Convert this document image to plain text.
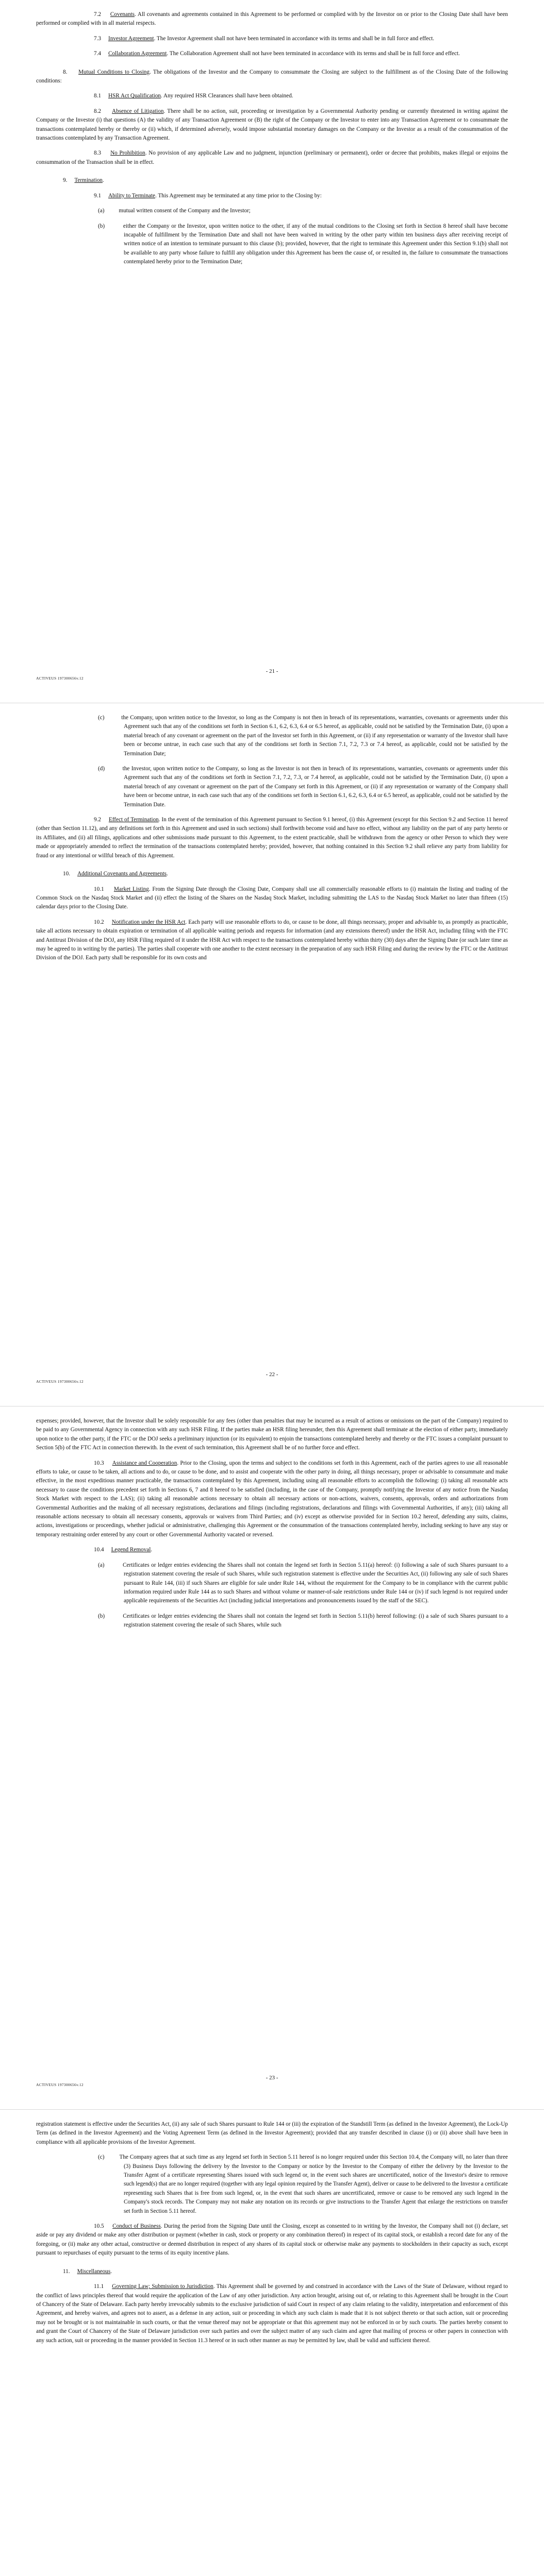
7.2 Covenants. All covenants and agreements contained in this Agreement to be performed or complied with by the Investor on or prior to the Closing Date shall have been performed or complied with in all material respects.

7.3 Investor Agreement. The Investor Agreement shall not have been terminated in accordance with its terms and shall be in full force and effect.

7.4 Collaboration Agreement. The Collaboration Agreement shall not have been terminated in accordance with its terms and shall be in full force and effect.

8. Mutual Conditions to Closing. The obligations of the Investor and the Company to consummate the Closing are subject to the fulfillment as of the Closing Date of the following conditions:

8.1 HSR Act Qualification. Any required HSR Clearances shall have been obtained.

8.2 Absence of Litigation. There shall be no action, suit, proceeding or investigation by a Governmental Authority pending or currently threatened in writing against the Company or the Investor (i) that questions (A) the validity of any Transaction Agreement or (B) the right of the Company or the Investor to enter into any Transaction Agreement or to consummate the transactions contemplated hereby or thereby or (ii) which, if determined adversely, would impose substantial monetary damages on the Company or the Investor as a result of the consummation of the transactions contemplated by any Transaction Agreement.

8.3 No Prohibition. No provision of any applicable Law and no judgment, injunction (preliminary or permanent), order or decree that prohibits, makes illegal or enjoins the consummation of the Transaction shall be in effect.

9. Termination.

9.1 Ability to Terminate. This Agreement may be terminated at any time prior to the Closing by:

(a) mutual written consent of the Company and the Investor;

(b)	either the Company or the Investor, upon written notice to the other, if any of the mutual conditions to the Closing set forth in Section 8 hereof shall have become incapable of fulfillment by the Termination Date and shall not have been waived in writing by the other party within ten business days after receiving receipt of written notice of an intention to terminate pursuant to this clause (b); provided, however, that the right to terminate this Agreement under this Section 9.1(b) shall not be available to any party whose failure to fulfill any obligation under this Agreement has been the cause of, or resulted in, the failure to consummate the transactions contemplated hereby prior to the Termination Date;

- 21 -
ACTIVEUS 197300656v.12

(c)	the Company, upon written notice to the Investor, so long as the Company is not then in breach of its representations, warranties, covenants or agreements under this Agreement such that any of the conditions set forth in Section 6.1, 6.2, 6.3, 6.4 or 6.5 hereof, as applicable, could not be satisfied by the Termination Date, (i) upon a material breach of any covenant or agreement on the part of the Investor set forth in this Agreement, or (ii) if any representation or warranty of the Investor shall have been or become untrue, in each case such that any of the conditions set forth in Section 7.1, 7.2, 7.3 or 7.4 hereof, as applicable, could not be satisfied by the Termination Date;

(d)	the Investor, upon written notice to the Company, so long as the Investor is not then in breach of its representations, warranties, covenants or agreements under this Agreement such that any of the conditions set forth in Section 7.1, 7.2, 7.3, or 7.4 hereof, as applicable, could not be satisfied by the Termination Date, (i) upon a material breach of any covenant or agreement on the part of the Company set forth in this Agreement, or (ii) if any representation or warranty of the Company shall have been or become untrue, in each case such that any of the conditions set forth in Section 6.1, 6.2, 6.3, 6.4 or 6.5 hereof, as applicable, could not be satisfied by the Termination Date.

9.2 Effect of Termination. In the event of the termination of this Agreement pursuant to Section 9.1 hereof, (i) this Agreement (except for this Section 9.2 and Section 11 hereof (other than Section 11.12), and any definitions set forth in this Agreement and used in such sections) shall forthwith become void and have no effect, without any liability on the part of any party hereto or its Affiliates, and (ii) all filings, applications and other submissions made pursuant to this Agreement, to the extent practicable, shall be withdrawn from the agency or other Person to which they were made or appropriately amended to reflect the termination of the transactions contemplated hereby; provided, however, that nothing contained in this Section 9.2 shall relieve any party from liability for fraud or any intentional or willful breach of this Agreement.

10. Additional Covenants and Agreements.

10.1 Market Listing. From the Signing Date through the Closing Date, Company shall use all commercially reasonable efforts to (i) maintain the listing and trading of the Common Stock on the Nasdaq Stock Market and (ii) effect the listing of the Shares on the Nasdaq Stock Market, including submitting the LAS to the Nasdaq Stock Market no later than fifteen (15) calendar days prior to the Closing Date.

10.2 Notification under the HSR Act. Each party will use reasonable efforts to do, or cause to be done, all things necessary, proper and advisable to, as promptly as practicable, take all actions necessary to obtain expiration or termination of all applicable waiting periods and requests for information (and any extensions thereof) under the HSR Act, including filing with the FTC and Antitrust Division of the DOJ, any HSR Filing required of it under the HSR Act with respect to the transactions contemplated hereby within thirty (30) days after the Signing Date (or such later time as may be agreed to in writing by the parties). The parties shall cooperate with one another to the extent necessary in the preparation of any such HSR Filing and during the review by the FTC or the Antitrust Division of the DOJ. Each party shall be responsible for its own costs and

- 22 -
ACTIVEUS 197300656v.12

expenses; provided, however, that the Investor shall be solely responsible for any fees (other than penalties that may be incurred as a result of actions or omissions on the part of the Company) required to be paid to any Governmental Agency in connection with any such HSR Filing. If the parties make an HSR filing hereunder, then this Agreement shall terminate at the election of either party, immediately upon notice to the other party, if the FTC or the DOJ seeks a preliminary injunction (or its equivalent) to enjoin the transactions contemplated hereby and thereby or the FTC issues a complaint pursuant to Section 5(b) of the FTC Act in connection therewith. In the event of such termination, this Agreement shall be of no further force and effect.

10.3 Assistance and Cooperation. Prior to the Closing, upon the terms and subject to the conditions set forth in this Agreement, each of the parties agrees to use all reasonable efforts to take, or cause to be taken, all actions and to do, or cause to be done, and to assist and cooperate with the other party in doing, all things necessary, proper or advisable to consummate and make effective, in the most expeditious manner practicable, the transactions contemplated by this Agreement, including using all reasonable efforts to accomplish the following: (i) taking all reasonable acts necessary to cause the conditions precedent set forth in Sections 6, 7 and 8 hereof to be satisfied (including, in the case of the Company, promptly notifying the Investor of any notice from the Nasdaq Stock Market with respect to the LAS); (ii) taking all reasonable actions necessary to obtain all necessary actions or non-actions, waivers, consents, approvals, orders and authorizations from Governmental Authorities and the making of all necessary registrations, declarations and filings (including registrations, declarations and filings with Governmental Authorities, if any); (iii) taking all reasonable actions necessary to obtain all necessary consents, approvals or waivers from Third Parties; and (iv) except as otherwise provided for in Section 10.2 hereof, defending any suits, claims, actions, investigations or proceedings, whether judicial or administrative, challenging this Agreement or the consummation of the transactions contemplated hereby, including seeking to have any stay or temporary restraining order entered by any court or other Governmental Authority vacated or reversed.

10.4 Legend Removal.

(a)	Certificates or ledger entries evidencing the Shares shall not contain the legend set forth in Section 5.11(a) hereof: (i) following a sale of such Shares pursuant to a registration statement covering the resale of such Shares, while such registration statement is effective under the Securities Act, (ii) following any sale of such Shares pursuant to Rule 144, (iii) if such Shares are eligible for sale under Rule 144, without the requirement for the Company to be in compliance with the current public information required under Rule 144 as to such Shares and without volume or manner-of-sale restrictions under Rule 144 or (iv) if such legend is not required under applicable requirements of the Securities Act (including judicial interpretations and pronouncements issued by the staff of the SEC).

(b)	Certificates or ledger entries evidencing the Shares shall not contain the legend set forth in Section 5.11(b) hereof following: (i) a sale of such Shares pursuant to a registration statement covering the resale of such Shares, while such

- 23 -
ACTIVEUS 197300656v.12

registration statement is effective under the Securities Act, (ii) any sale of such Shares pursuant to Rule 144 or (iii) the expiration of the Standstill Term (as defined in the Investor Agreement), the Lock-Up Term (as defined in the Investor Agreement) and the Voting Agreement Term (as defined in the Investor Agreement); provided that any transfer described in clause (i) or (ii) above shall have been in compliance with all applicable provisions of the Investor Agreement.

(c)	The Company agrees that at such time as any legend set forth in Section 5.11 hereof is no longer required under this Section 10.4, the Company will, no later than three (3) Business Days following the delivery by the Investor to the Company or notice by the Investor to the Company of either the delivery by the Investor to the Transfer Agent of a certificate representing Shares issued with such legend or, in the event such shares are uncertificated, notice of the Investor's desire to remove such legend(s) that are no longer required (together with any legal opinion required by the Transfer Agent), deliver or cause to be delivered to the Investor a certificate representing such Shares that is free from such legend, or, in the event that such shares are uncertificated, remove or cause to be removed any such legend in the Company's stock records. The Company may not make any notation on its records or give instructions to the Transfer Agent that enlarge the restrictions on transfer set forth in Section 5.11 hereof.

10.5 Conduct of Business. During the period from the Signing Date until the Closing, except as consented to in writing by the Investor, the Company shall not (i) declare, set aside or pay any dividend or make any other distribution or payment (whether in cash, stock or property or any combination thereof) in respect of its capital stock, or establish a record date for any of the foregoing, or (ii) make any other actual, constructive or deemed distribution in respect of any shares of its capital stock or otherwise make any payments to stockholders in their capacity as such, except pursuant to repurchases of equity pursuant to the terms of its equity incentive plans.

11. Miscellaneous.

11.1 Governing Law; Submission to Jurisdiction. This Agreement shall be governed by and construed in accordance with the Laws of the State of Delaware, without regard to the conflict of laws principles thereof that would require the application of the Law of any other jurisdiction. Any action brought, arising out of, or relating to this Agreement shall be brought in the Court of Chancery of the State of Delaware. Each party hereby irrevocably submits to the exclusive jurisdiction of said Court in respect of any claim relating to the validity, interpretation and enforcement of this Agreement, and hereby waives, and agrees not to assert, as a defense in any action, suit or proceeding in which any such claim is made that it is not subject thereto or that such action, suit or proceeding may not be brought or is not maintainable in such courts, or that the venue thereof may not be appropriate or that this agreement may not be enforced in or by such courts. The parties hereby consent to and grant the Court of Chancery of the State of Delaware jurisdiction over such parties and over the subject matter of any such claim and agree that mailing of process or other papers in connection with any such action, suit or proceeding in the manner provided in Section 11.3 hereof or in such other manner as may be permitted by law, shall be valid and sufficient thereof.
